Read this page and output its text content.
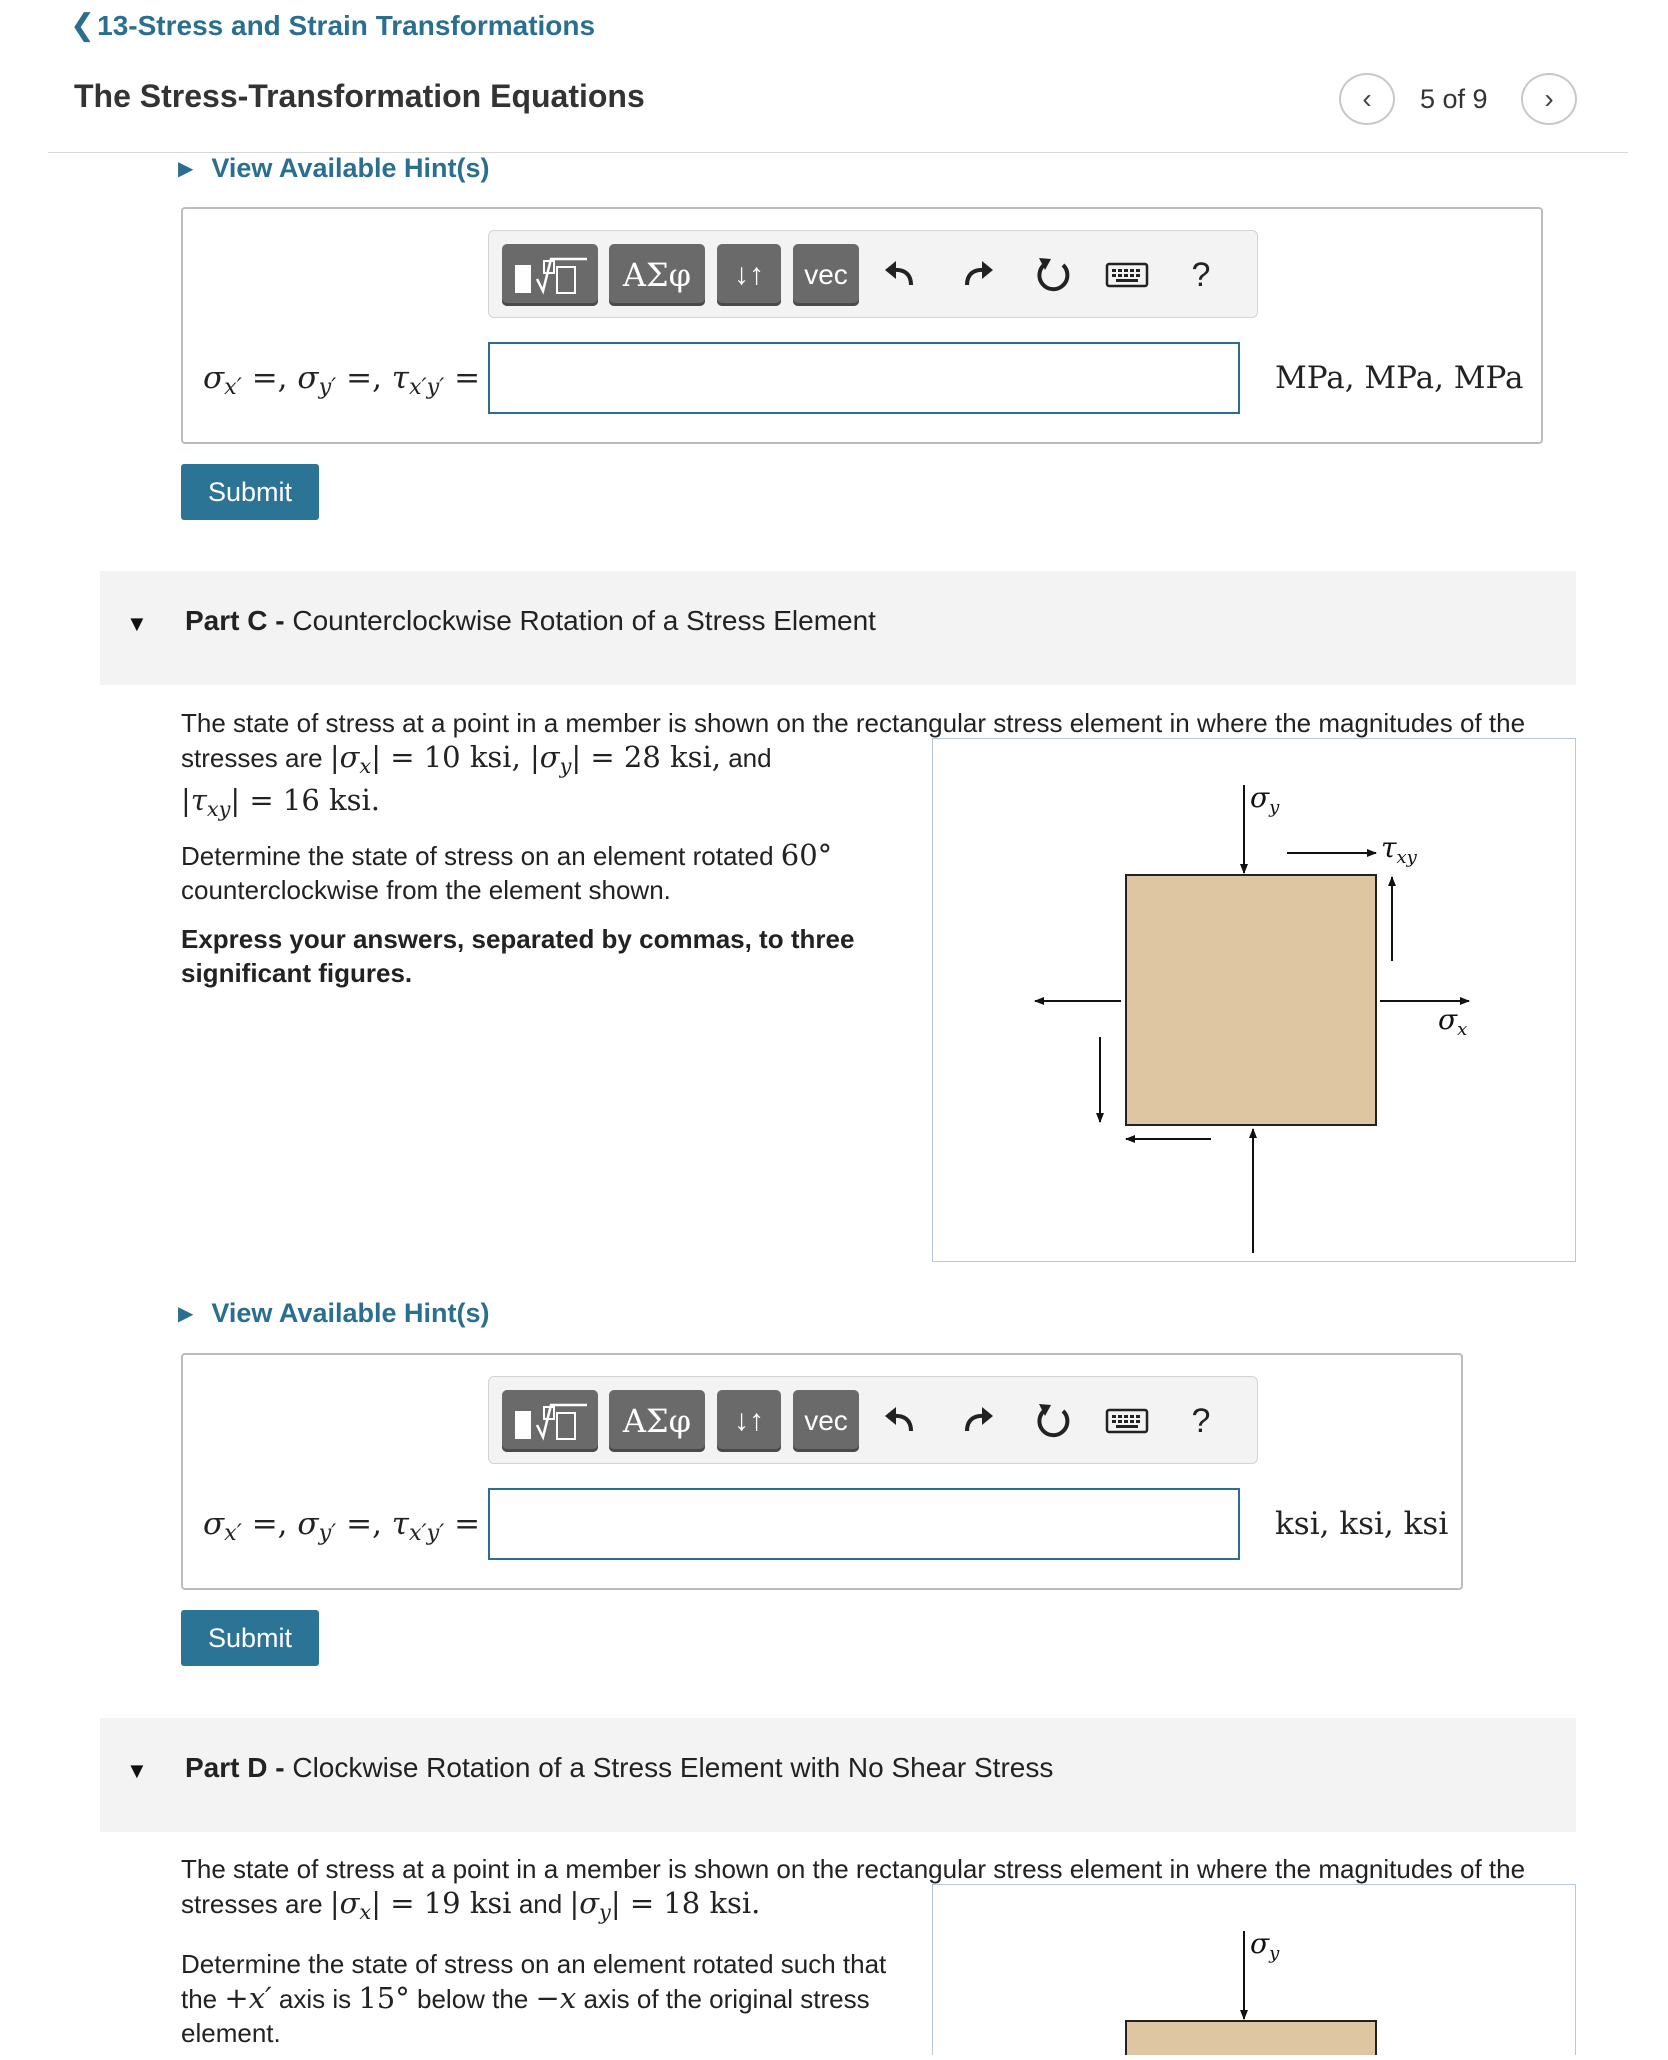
❮ 13-Stress and Strain Transformations
The Stress-Transformation Equations	‹ 5 of 9 ›
▶ View Available Hint(s)
ΑΣφ	↓↑	vec	?
$\sigma_{x'}$ =, $\sigma_{y'}$ =, $\tau_{x'y'}$ =	MPa, MPa, MPa
Submit
▼ Part C - Counterclockwise Rotation of a Stress Element
The state of stress at a point in a member is shown on the rectangular stress element in where the magnitudes of the
stresses are $|\sigma_x| = 10$ ksi, $|\sigma_y| = 28$ ksi, and
$|\tau_{xy}| = 16$ ksi.
Determine the state of stress on an element rotated 60°
counterclockwise from the element shown.
Express your answers, separated by commas, to three significant figures.
$\sigma_y$
$\tau_{xy}$
$\sigma_x$
▶ View Available Hint(s)
ΑΣφ	↓↑	vec	?
$\sigma_{x'}$ =, $\sigma_{y'}$ =, $\tau_{x'y'}$ =	ksi, ksi, ksi
Submit
▼ Part D - Clockwise Rotation of a Stress Element with No Shear Stress
The state of stress at a point in a member is shown on the rectangular stress element in where the magnitudes of the
stresses are $|\sigma_x| = 19$ ksi and $|\sigma_y| = 18$ ksi.
Determine the state of stress on an element rotated such that
the +x′ axis is 15° below the −x axis of the original stress
element.
$\sigma_y$
